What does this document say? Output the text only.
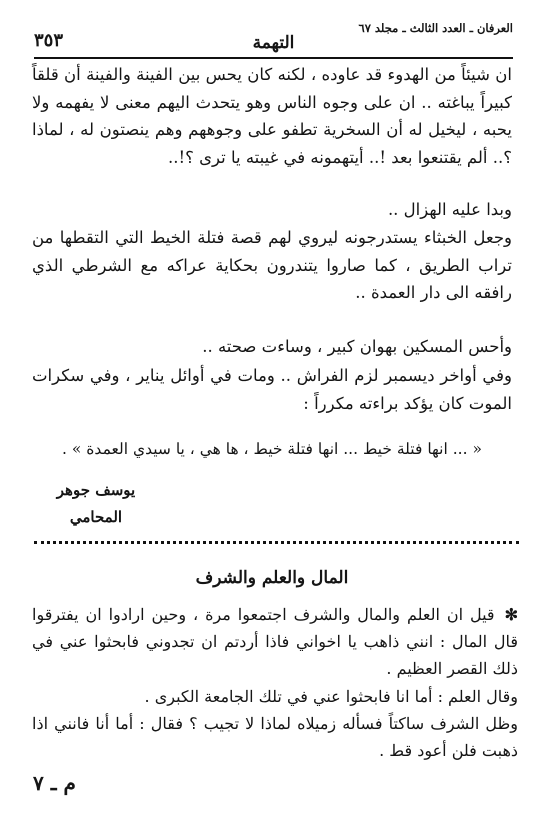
٣٥٣	التهمة
العرفان ـ العدد الثالث ـ مجلد ٦٧

ان شيئاً من الهدوء قد عاوده ، لكنه كان يحس بين الفينة والفينة أن قلقاً كبيراً يباغته .. ان على وجوه الناس وهو يتحدث اليهم معنى لا يفهمه ولا يحبه ، ليخيل له أن السخرية تطفو على وجوههم وهم ينصتون له ، لماذا ؟.. ألم يقتنعوا بعد !.. أيتهمونه في غيبته يا ترى ؟!..

وبدا عليه الهزال ..

وجعل الخبثاء يستدرجونه ليروي لهم قصة فتلة الخيط التي التقطها من تراب الطريق ، كما صاروا يتندرون بحكاية عراكه مع الشرطي الذي رافقه الى دار العمدة ..

وأحس المسكين بهوان كبير ، وساءت صحته ..

وفي أواخر ديسمبر لزم الفراش .. ومات في أوائل يناير ، وفي سكرات الموت كان يؤكد براءته مكرراً :

« ... انها فتلة خيط ... انها فتلة خيط ، ها هي ، يا سيدي العمدة » .

يوسف جوهر
المحامي
المال والعلم والشرف

✻قيل ان العلم والمال والشرف اجتمعوا مرة ، وحين ارادوا ان يفترقوا قال المال : انني ذاهب يا اخواني فاذا أردتم ان تجدوني فابحثوا عني في ذلك القصر العظيم .

وقال العلم : أما انا فابحثوا عني في تلك الجامعة الكبرى .

وظل الشرف ساكتاً فسأله زميلاه لماذا لا تجيب ؟ فقال : أما أنا فانني اذا ذهبت فلن أعود قط .

م ـ ٧
